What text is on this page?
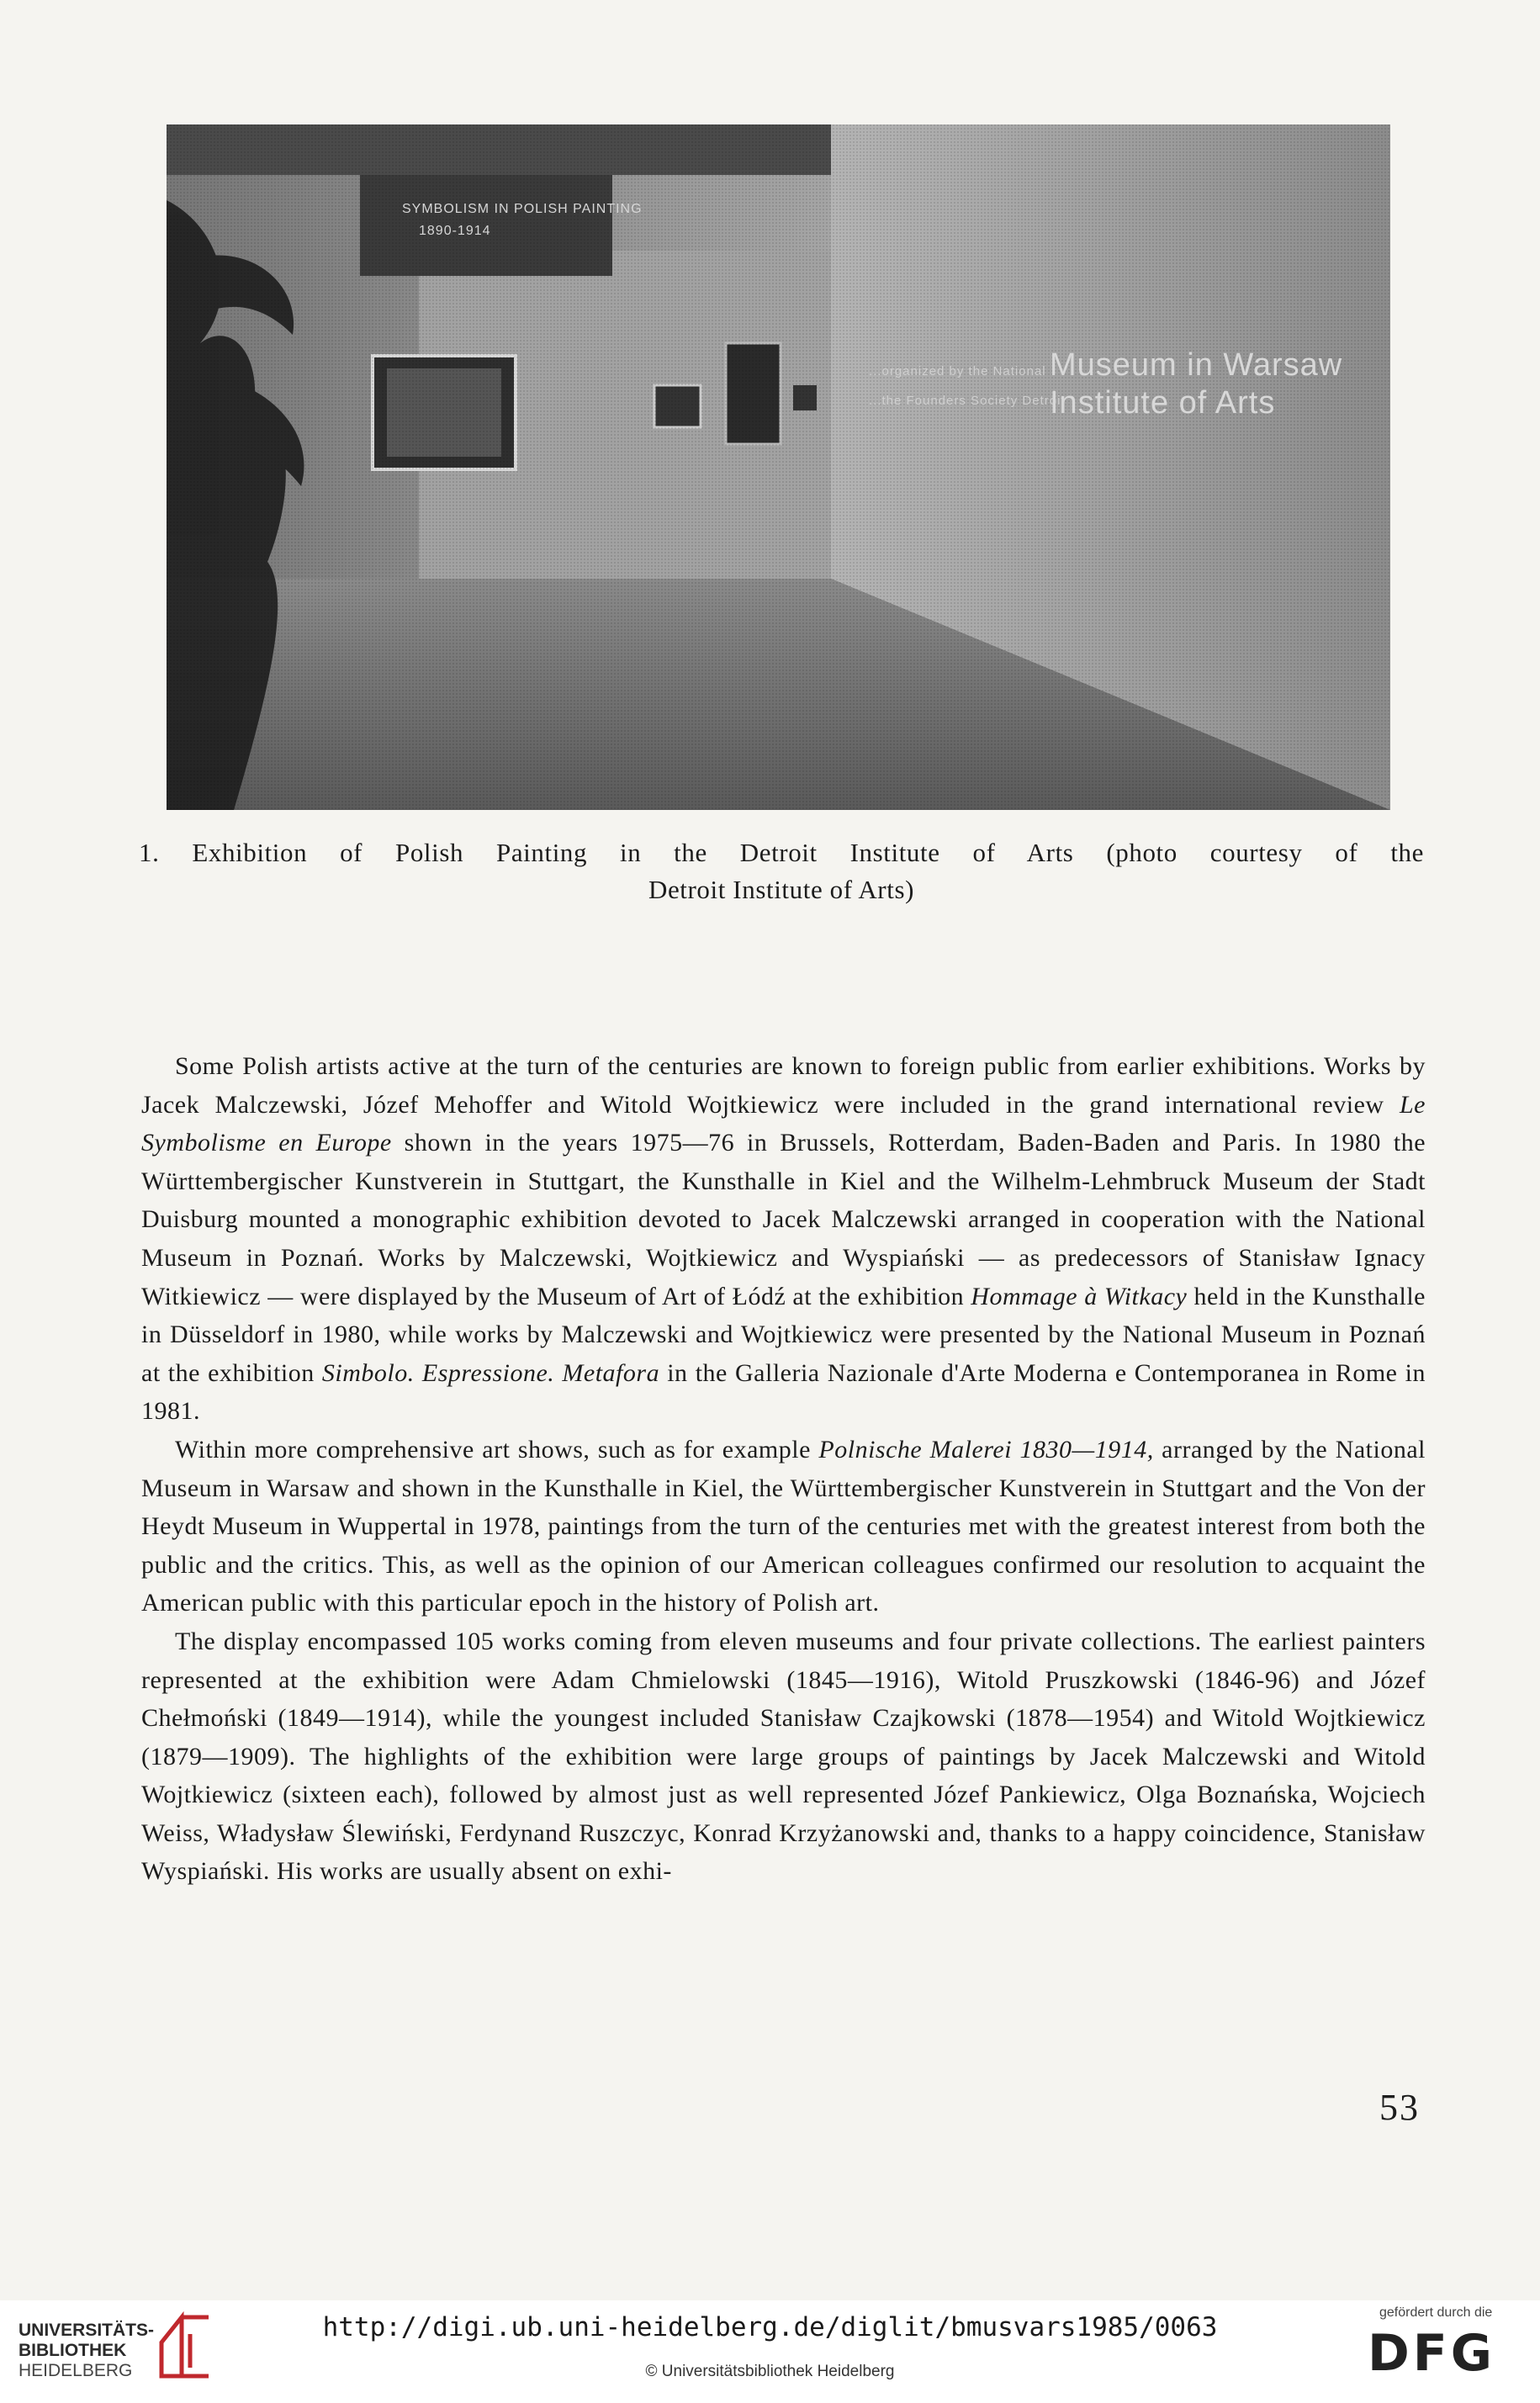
SYMBOLISM IN POLISH PAINTING
1890-1914
...organized by the National
...the Founders Society Detroit
Museum in Warsaw
Institute of Arts
1. Exhibition of Polish Painting in the Detroit Institute of Arts (photo courtesy of the
Detroit Institute of Arts)

Some Polish artists active at the turn of the centuries are known to foreign public from earlier exhibitions. Works by Jacek Malczewski, Józef Mehoffer and Witold Wojtkiewicz were included in the grand international review Le Symbolisme en Europe shown in the years 1975—76 in Brussels, Rotterdam, Baden-Baden and Paris. In 1980 the Württembergischer Kunstverein in Stuttgart, the Kunsthalle in Kiel and the Wilhelm-Lehmbruck Museum der Stadt Duisburg mounted a monographic exhibition devoted to Jacek Malczewski arranged in cooperation with the National Museum in Poznań. Works by Malczewski, Wojtkiewicz and Wyspiański — as predecessors of Stanisław Ignacy Witkiewicz — were displayed by the Museum of Art of Łódź at the exhibition Hommage à Witkacy held in the Kunsthalle in Düsseldorf in 1980, while works by Malczewski and Wojtkiewicz were presented by the National Museum in Poznań at the exhibition Simbolo. Espressione. Metafora in the Galleria Nazionale d'Arte Moderna e Contemporanea in Rome in 1981.

Within more comprehensive art shows, such as for example Polnische Malerei 1830—1914, arranged by the National Museum in Warsaw and shown in the Kunsthalle in Kiel, the Württembergischer Kunstverein in Stuttgart and the Von der Heydt Museum in Wuppertal in 1978, paintings from the turn of the centuries met with the greatest interest from both the public and the critics. This, as well as the opinion of our American colleagues confirmed our resolution to acquaint the American public with this particular epoch in the history of Polish art.

The display encompassed 105 works coming from eleven museums and four private collections. The earliest painters represented at the exhibition were Adam Chmielowski (1845—1916), Witold Pruszkowski (1846-96) and Józef Chełmoński (1849—1914), while the youngest included Stanisław Czajkowski (1878—1954) and Witold Wojtkiewicz (1879—1909). The highlights of the exhibition were large groups of paintings by Jacek Malczewski and Witold Wojtkiewicz (sixteen each), followed by almost just as well represented Józef Pankiewicz, Olga Boznańska, Wojciech Weiss, Władysław Ślewiński, Ferdynand Ruszczyc, Konrad Krzyżanowski and, thanks to a happy coincidence, Stanisław Wyspiański. His works are usually absent on exhi-

53
UNIVERSITÄTS-
BIBLIOTHEK
HEIDELBERG
http://digi.ub.uni-heidelberg.de/diglit/bmusvars1985/0063
© Universitätsbibliothek Heidelberg
gefördert durch die
DFG
